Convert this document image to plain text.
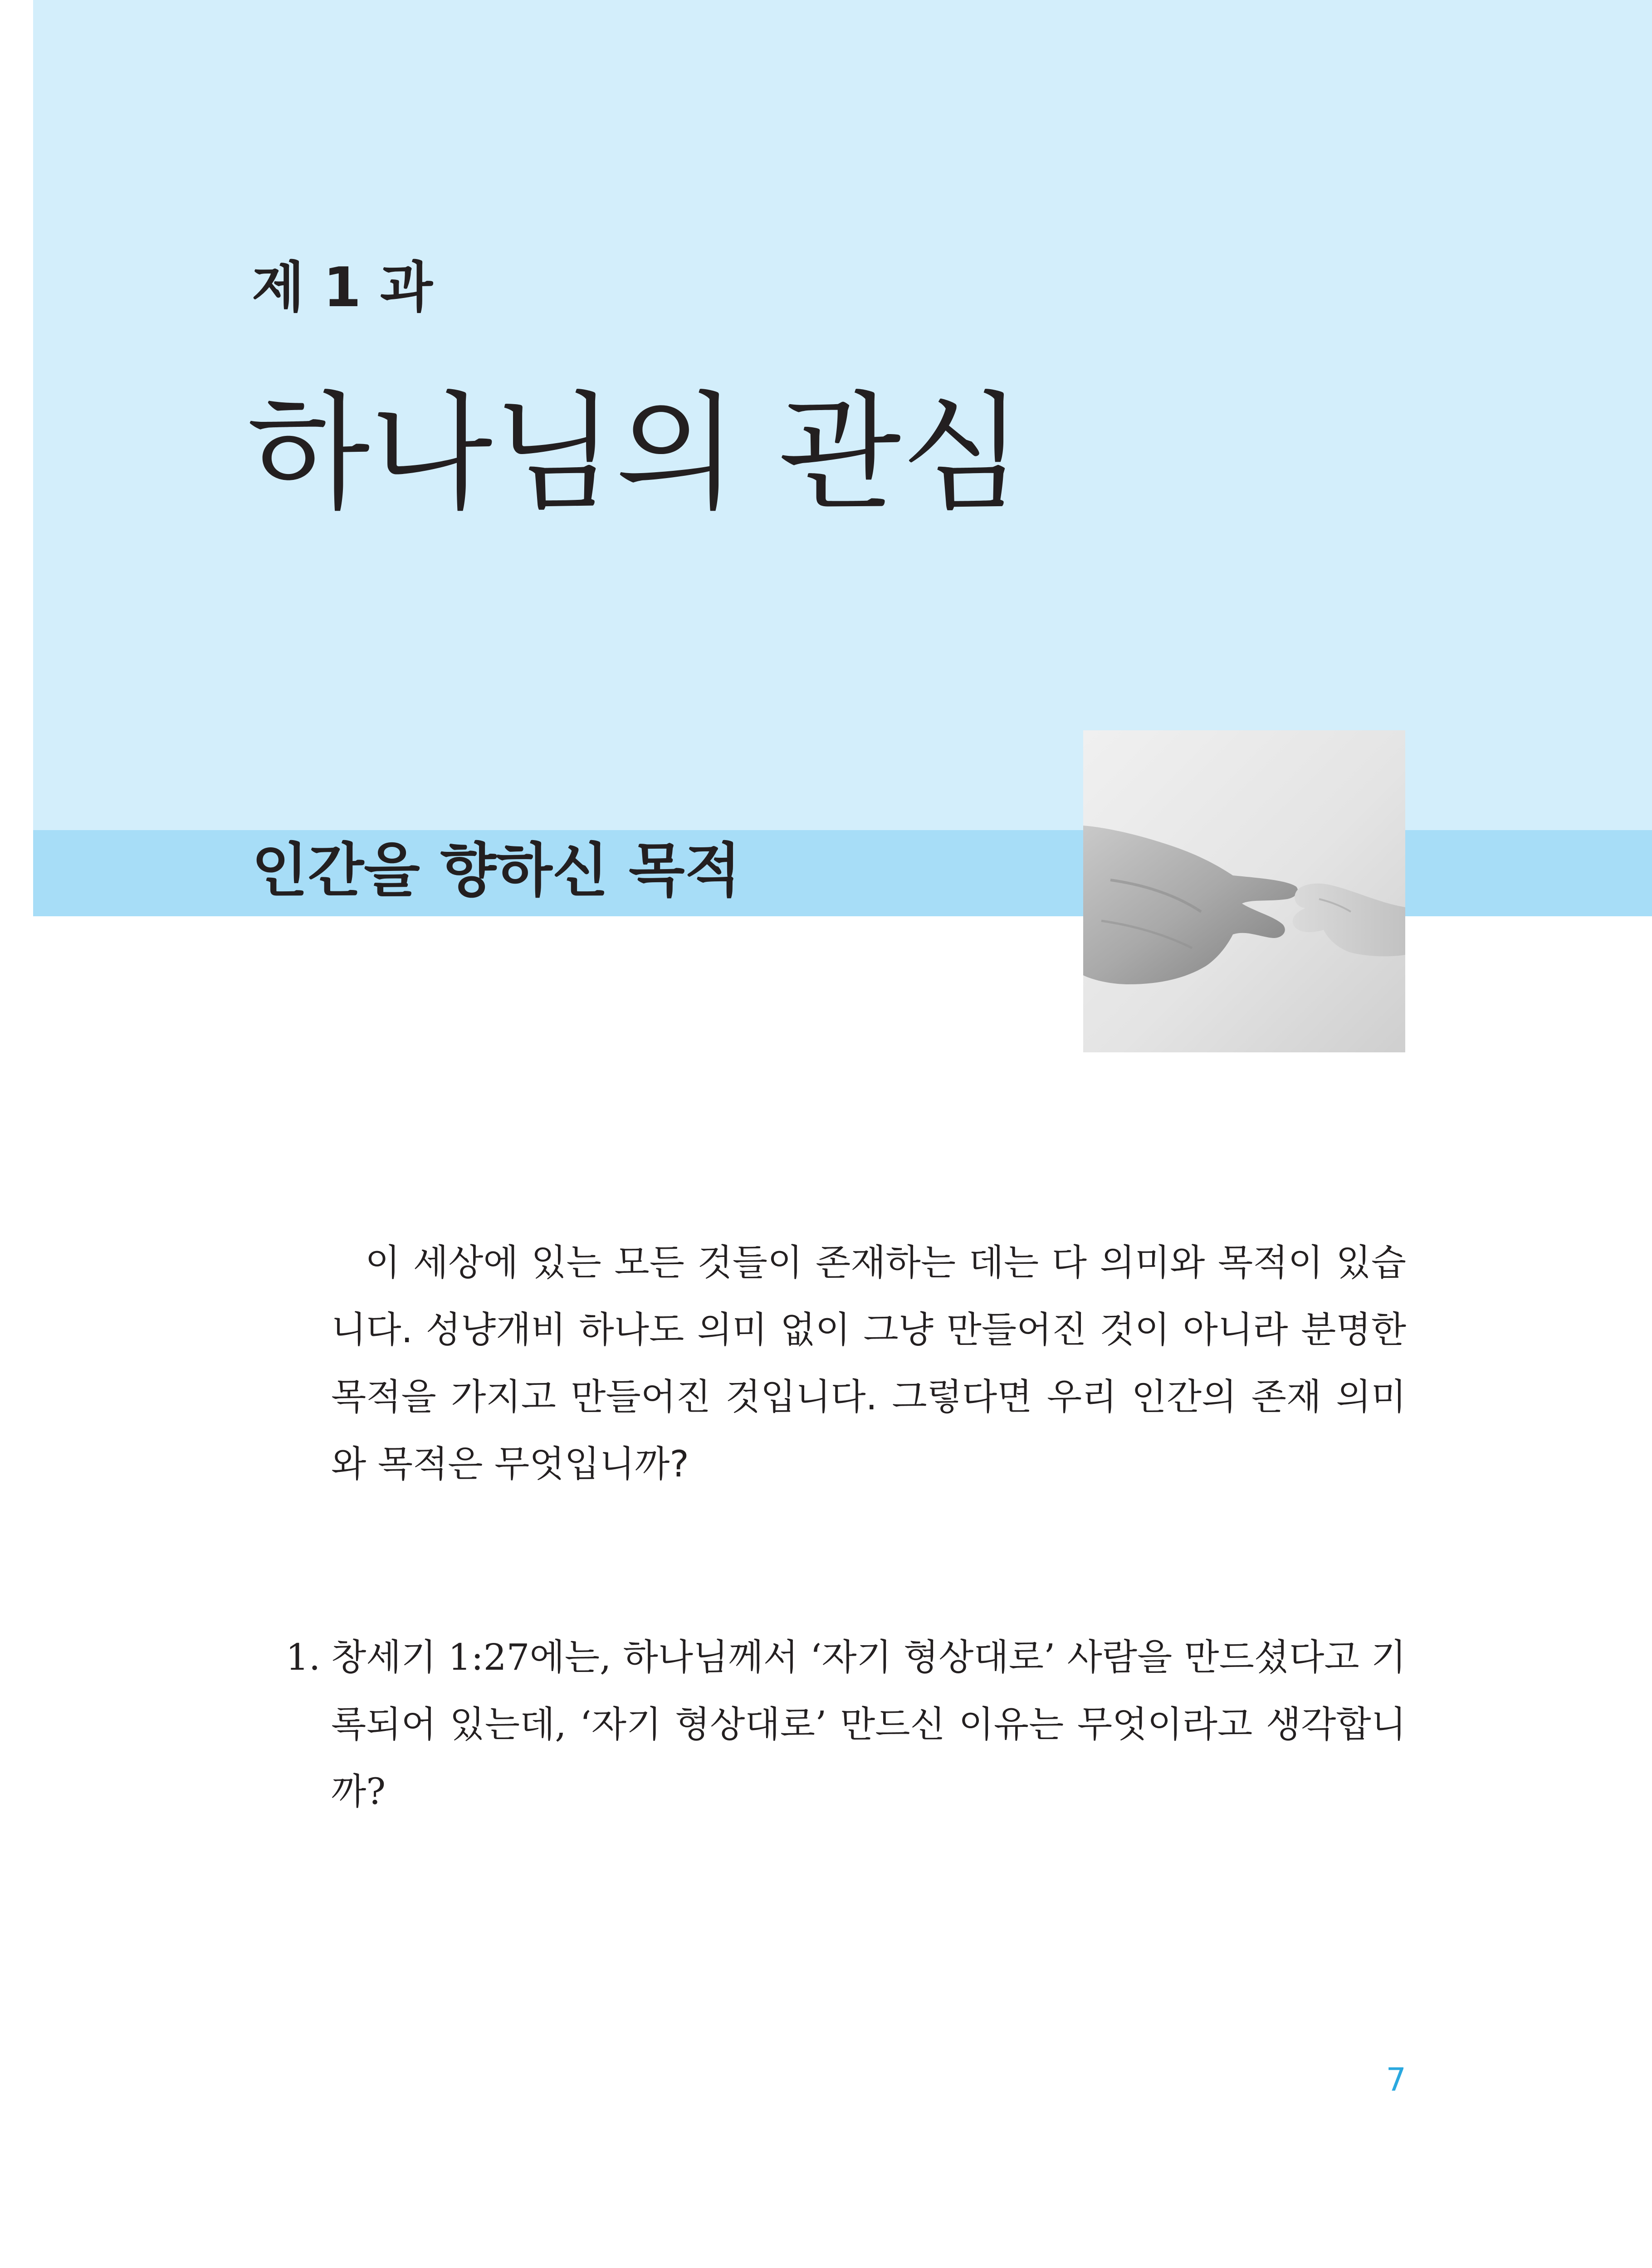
제 1 과
하나님의 관심
인간을 향하신 목적

이 세상에 있는 모든 것들이 존재하는 데는 다 의미와 목적이 있습니다. 성냥개비 하나도 의미 없이 그냥 만들어진 것이 아니라 분명한 목적을 가지고 만들어진 것입니다. 그렇다면 우리 인간의 존재 의미와 목적은 무엇입니까?

1. 창세기 1:27에는, 하나님께서 ‘자기 형상대로’ 사람을 만드셨다고 기록되어 있는데, ‘자기 형상대로’ 만드신 이유는 무엇이라고 생각합니까?
7
